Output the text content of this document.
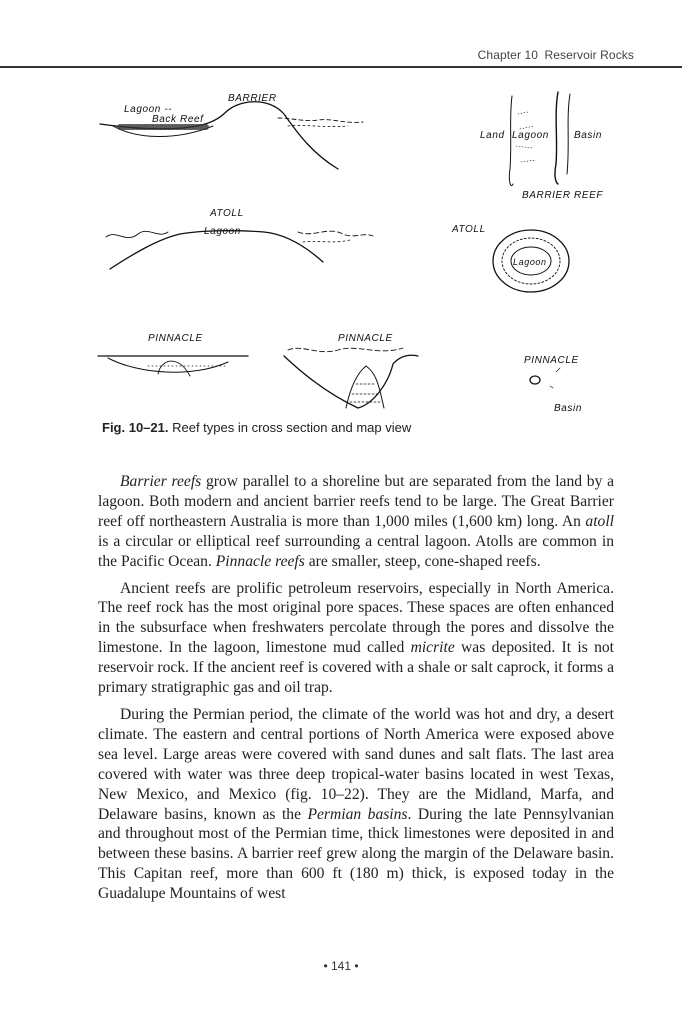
Chapter 10 Reservoir Rocks
BARRIER
Lagoon --
Back Reef
ATOLL
Lagoon
PINNACLE	PINNACLE
Land Lagoon	Basin
BARRIER REEF
ATOLL
Lagoon
PINNACLE
Basin
Fig. 10–21. Reef types in cross section and map view

Barrier reefs grow parallel to a shoreline but are separated from the land by a lagoon. Both modern and ancient barrier reefs tend to be large. The Great Barrier reef off northeastern Australia is more than 1,000 miles (1,600 km) long. An atoll is a circular or elliptical reef surrounding a central lagoon. Atolls are common in the Pacific Ocean. Pinnacle reefs are smaller, steep, cone-shaped reefs.

Ancient reefs are prolific petroleum reservoirs, especially in North America. The reef rock has the most original pore spaces. These spaces are often enhanced in the subsurface when freshwaters percolate through the pores and dissolve the limestone. In the lagoon, limestone mud called micrite was deposited. It is not reservoir rock. If the ancient reef is covered with a shale or salt caprock, it forms a primary stratigraphic gas and oil trap.

During the Permian period, the climate of the world was hot and dry, a desert climate. The eastern and central portions of North America were exposed above sea level. Large areas were covered with sand dunes and salt flats. The last area covered with water was three deep tropical-water basins located in west Texas, New Mexico, and Mexico (fig. 10–22). They are the Midland, Marfa, and Delaware basins, known as the Permian basins. During the late Pennsylvanian and throughout most of the Permian time, thick limestones were deposited in and between these basins. A barrier reef grew along the margin of the Delaware basin. This Capitan reef, more than 600 ft (180 m) thick, is exposed today in the Guadalupe Mountains of west

• 141 •
